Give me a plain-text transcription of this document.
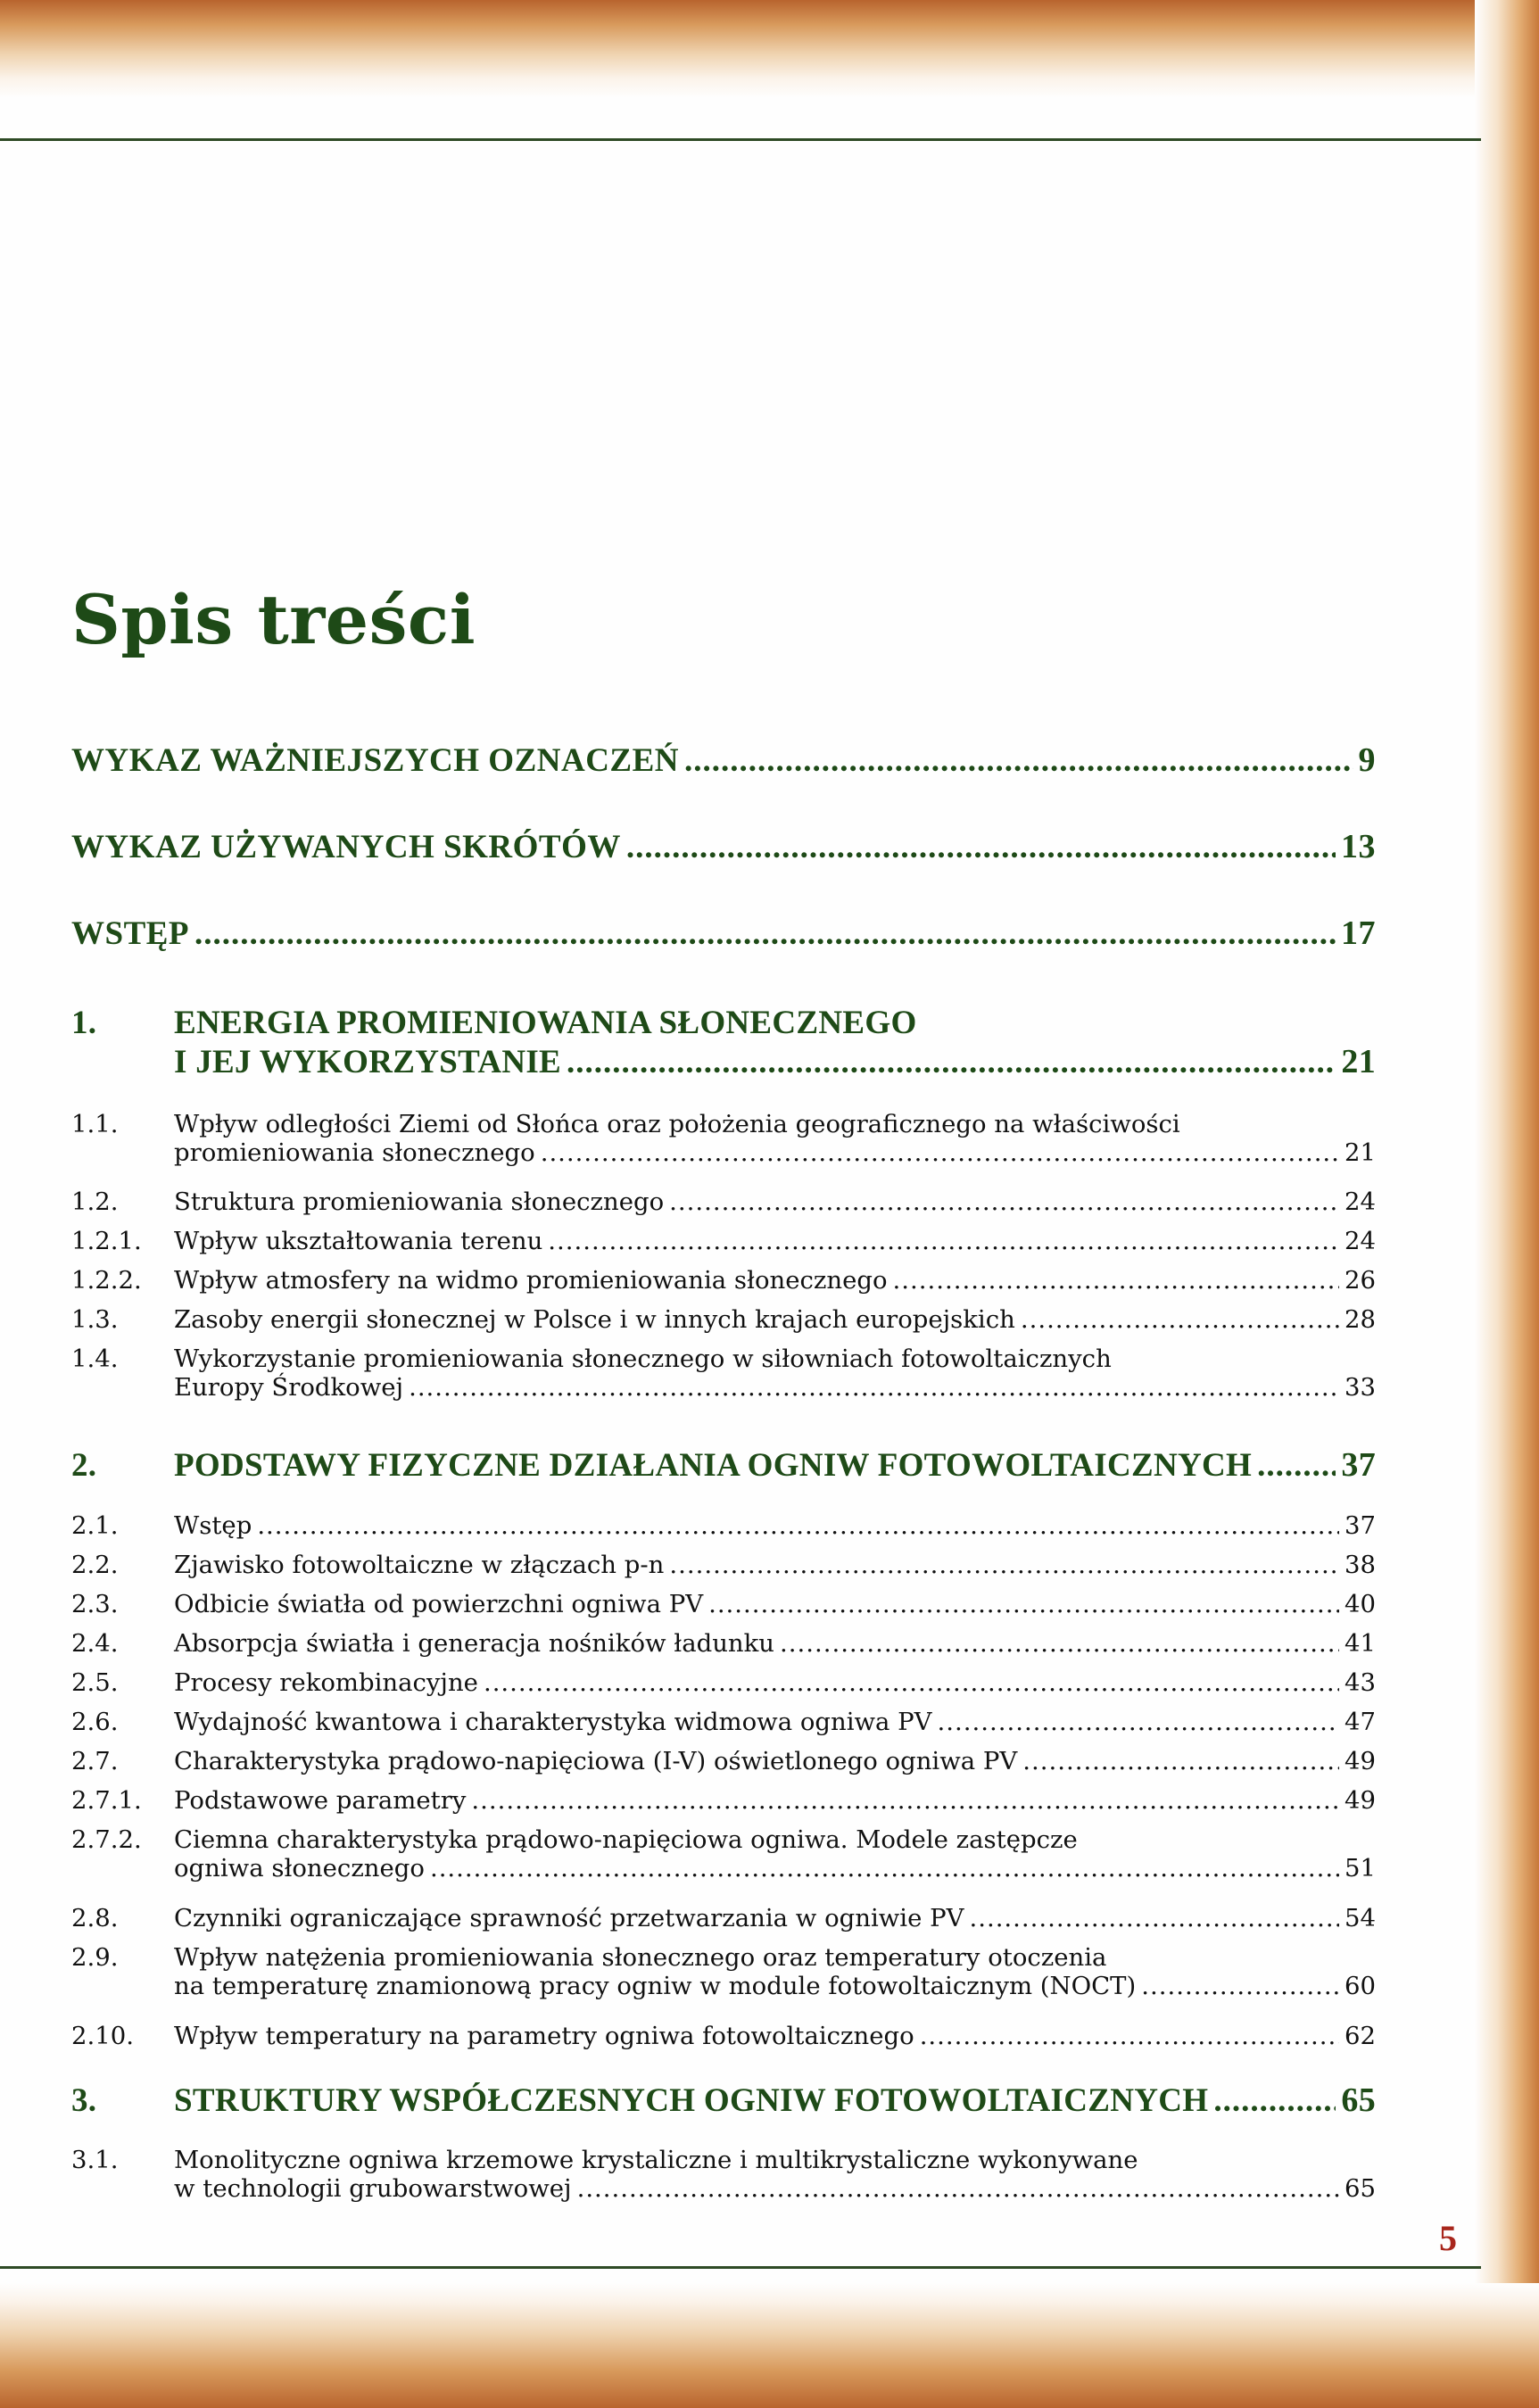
Spis treści
WYKAZ WAŻNIEJSZYCH OZNACZEŃ .....	9
WYKAZ UŻYWANYCH SKRÓTÓW .....	13
WSTĘP .....	17
1. ENERGIA PROMIENIOWANIA SŁONECZNEGO
I JEJ WYKORZYSTANIE .....	21
1.1. Wpływ odległości Ziemi od Słońca oraz położenia geograficznego na właściwości
promieniowania słonecznego .....	21
1.2.	Struktura promieniowania słonecznego .....	24
1.2.1.	Wpływ ukształtowania terenu .....	24
1.2.2.	Wpływ atmosfery na widmo promieniowania słonecznego .....	26
1.3.	Zasoby energii słonecznej w Polsce i w innych krajach europejskich .....	28
1.4. Wykorzystanie promieniowania słonecznego w siłowniach fotowoltaicznych
Europy Środkowej .....	33
2.	PODSTAWY FIZYCZNE DZIAŁANIA OGNIW FOTOWOLTAICZNYCH .....	37
2.1.	Wstęp .....	37
2.2.	Zjawisko fotowoltaiczne w złączach p-n .....	38
2.3.	Odbicie światła od powierzchni ogniwa PV .....	40
2.4.	Absorpcja światła i generacja nośników ładunku .....	41
2.5.	Procesy rekombinacyjne .....	43
2.6.	Wydajność kwantowa i charakterystyka widmowa ogniwa PV .....	47
2.7.	Charakterystyka prądowo-napięciowa (I-V) oświetlonego ogniwa PV .....	49
2.7.1.	Podstawowe parametry .....	49
2.7.2. Ciemna charakterystyka prądowo-napięciowa ogniwa. Modele zastępcze
ogniwa słonecznego .....	51
2.8.	Czynniki ograniczające sprawność przetwarzania w ogniwie PV .....	54
2.9. Wpływ natężenia promieniowania słonecznego oraz temperatury otoczenia
na temperaturę znamionową pracy ogniw w module fotowoltaicznym (NOCT) .....	60
2.10.	Wpływ temperatury na parametry ogniwa fotowoltaicznego .....	62
3.	STRUKTURY WSPÓŁCZESNYCH OGNIW FOTOWOLTAICZNYCH .....	65
3.1. Monolityczne ogniwa krzemowe krystaliczne i multikrystaliczne wykonywane
w technologii grubowarstwowej .....	65
5
